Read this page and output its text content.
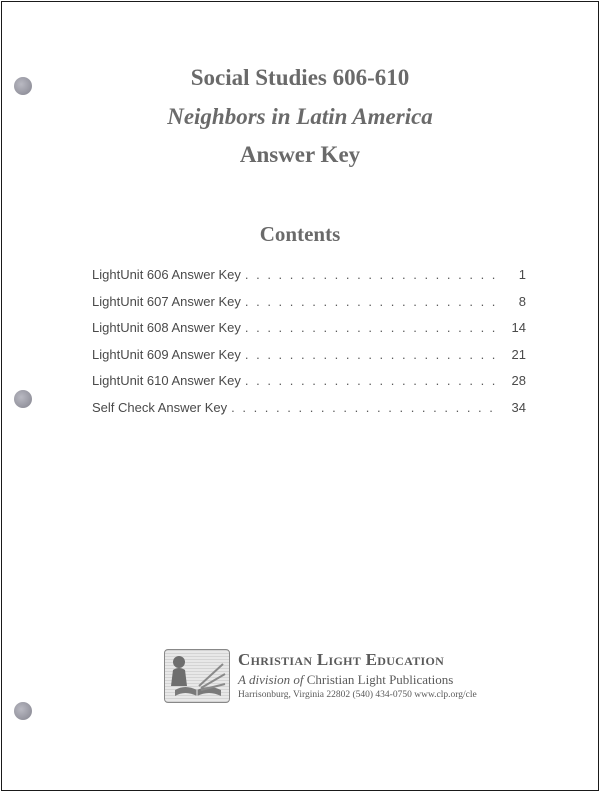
Social Studies 606-610
Neighbors in Latin America
Answer Key
Contents
LightUnit 606 Answer Key . . .	1
LightUnit 607 Answer Key . . .	8
LightUnit 608 Answer Key . . .	14
LightUnit 609 Answer Key . . .	21
LightUnit 610 Answer Key . . .	28
Self Check Answer Key . . .	34
Christian Light Education
A division of Christian Light Publications
Harrisonburg, Virginia 22802 (540) 434-0750 www.clp.org/cle
